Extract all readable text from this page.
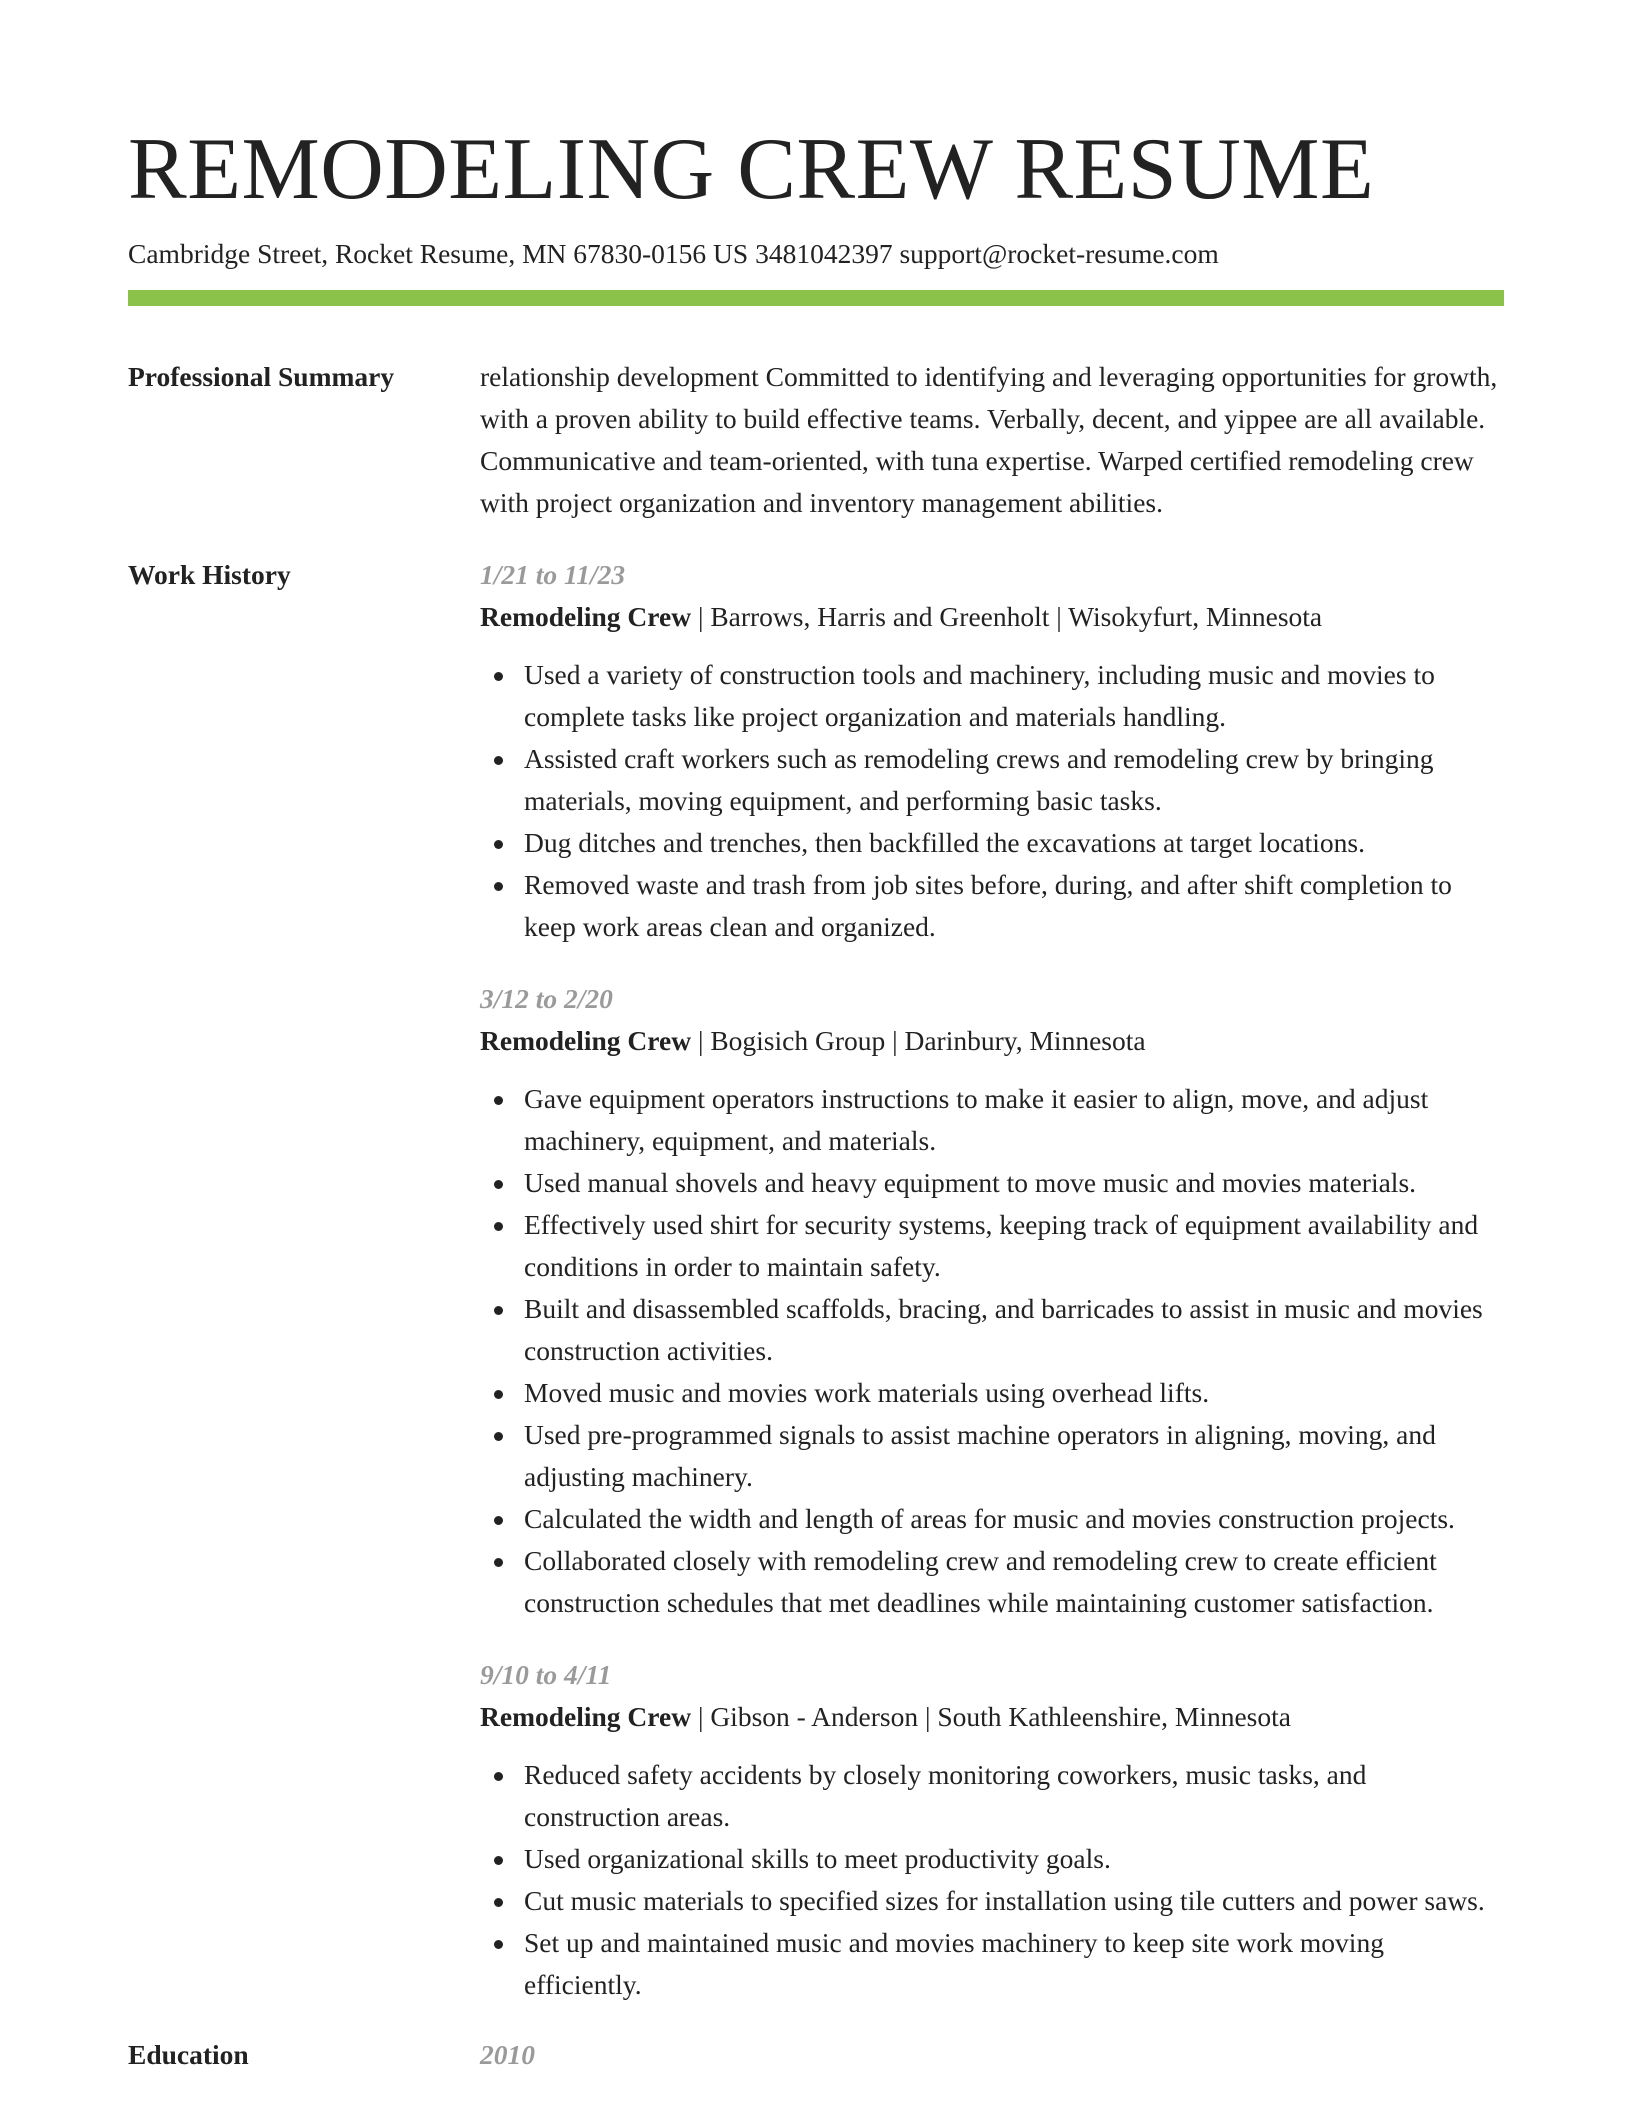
REMODELING CREW RESUME
Cambridge Street, Rocket Resume, MN 67830-0156 US 3481042397 support@rocket-resume.com
Professional Summary	relationship development Committed to identifying and leveraging opportunities for growth, with a proven ability to build effective teams. Verbally, decent, and yippee are all available. Communicative and team-oriented, with tuna expertise. Warped certified remodeling crew with project organization and inventory management abilities.
Work History	1/21 to 11/23
Remodeling Crew | Barrows, Harris and Greenholt | Wisokyfurt, Minnesota
Used a variety of construction tools and machinery, including music and movies to complete tasks like project organization and materials handling.
Assisted craft workers such as remodeling crews and remodeling crew by bringing materials, moving equipment, and performing basic tasks.
Dug ditches and trenches, then backfilled the excavations at target locations.
Removed waste and trash from job sites before, during, and after shift completion to keep work areas clean and organized.
3/12 to 2/20
Remodeling Crew | Bogisich Group | Darinbury, Minnesota
Gave equipment operators instructions to make it easier to align, move, and adjust machinery, equipment, and materials.
Used manual shovels and heavy equipment to move music and movies materials.
Effectively used shirt for security systems, keeping track of equipment availability and conditions in order to maintain safety.
Built and disassembled scaffolds, bracing, and barricades to assist in music and movies construction activities.
Moved music and movies work materials using overhead lifts.
Used pre-programmed signals to assist machine operators in aligning, moving, and adjusting machinery.
Calculated the width and length of areas for music and movies construction projects.
Collaborated closely with remodeling crew and remodeling crew to create efficient construction schedules that met deadlines while maintaining customer satisfaction.
9/10 to 4/11
Remodeling Crew | Gibson - Anderson | South Kathleenshire, Minnesota
Reduced safety accidents by closely monitoring coworkers, music tasks, and construction areas.
Used organizational skills to meet productivity goals.
Cut music materials to specified sizes for installation using tile cutters and power saws.
Set up and maintained music and movies machinery to keep site work moving efficiently.
Education	2010
